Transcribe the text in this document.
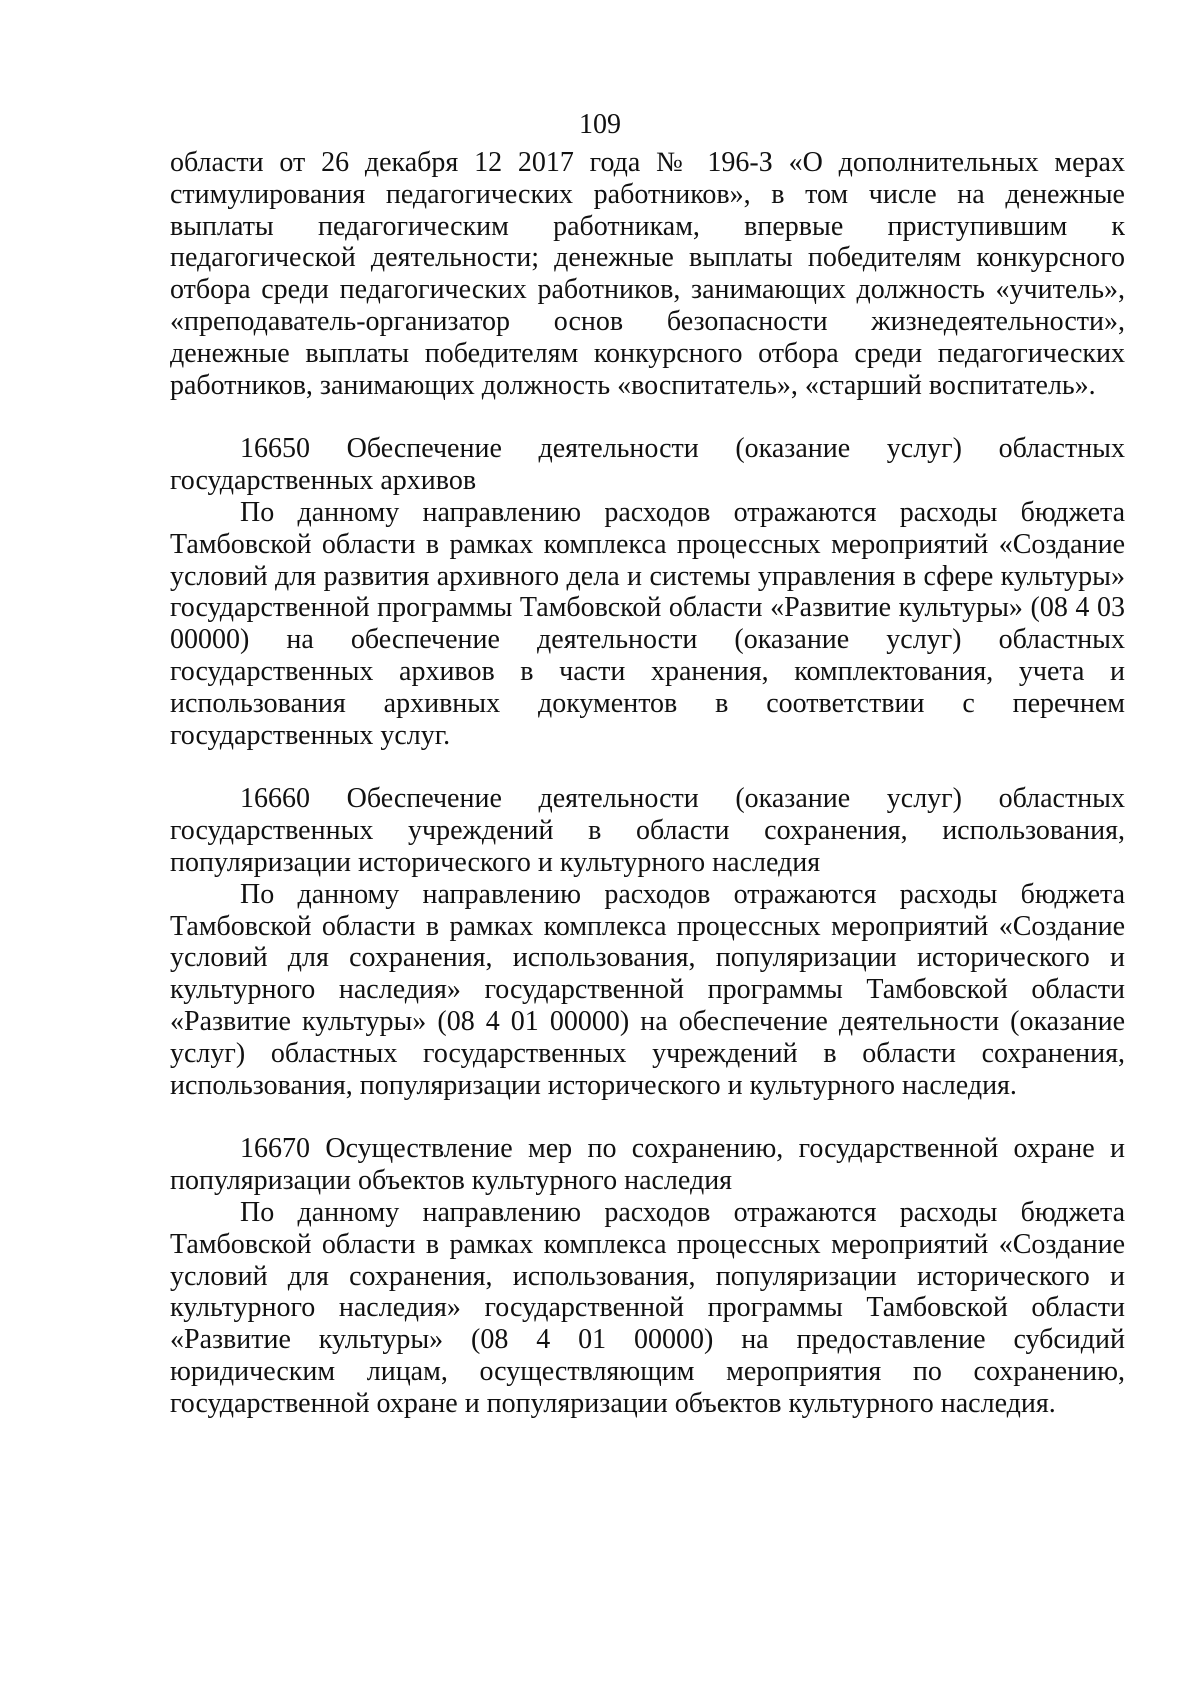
109

области от 26 декабря 12 2017 года № 196-З «О дополнительных мерах стимулирования педагогических работников», в том числе на денежные выплаты педагогическим работникам, впервые приступившим к педагогической деятельности; денежные выплаты победителям конкурсного отбора среди педагогических работников, занимающих должность «учитель», «преподаватель-организатор основ безопасности жизнедеятельности», денежные выплаты победителям конкурсного отбора среди педагогических работников, занимающих должность «воспитатель», «старший воспитатель».

16650 Обеспечение деятельности (оказание услуг) областных государственных архивов

По данному направлению расходов отражаются расходы бюджета Тамбовской области в рамках комплекса процессных мероприятий «Создание условий для развития архивного дела и системы управления в сфере культуры» государственной программы Тамбовской области «Развитие культуры» (08 4 03 00000) на обеспечение деятельности (оказание услуг) областных государственных архивов в части хранения, комплектования, учета и использования архивных документов в соответствии с перечнем государственных услуг.

16660 Обеспечение деятельности (оказание услуг) областных государственных учреждений в области сохранения, использования, популяризации исторического и культурного наследия

По данному направлению расходов отражаются расходы бюджета Тамбовской области в рамках комплекса процессных мероприятий «Создание условий для сохранения, использования, популяризации исторического и культурного наследия» государственной программы Тамбовской области «Развитие культуры» (08 4 01 00000) на обеспечение деятельности (оказание услуг) областных государственных учреждений в области сохранения, использования, популяризации исторического и культурного наследия.

16670 Осуществление мер по сохранению, государственной охране и популяризации объектов культурного наследия

По данному направлению расходов отражаются расходы бюджета Тамбовской области в рамках комплекса процессных мероприятий «Создание условий для сохранения, использования, популяризации исторического и культурного наследия» государственной программы Тамбовской области «Развитие культуры» (08 4 01 00000) на предоставление субсидий юридическим лицам, осуществляющим мероприятия по сохранению, государственной охране и популяризации объектов культурного наследия.
